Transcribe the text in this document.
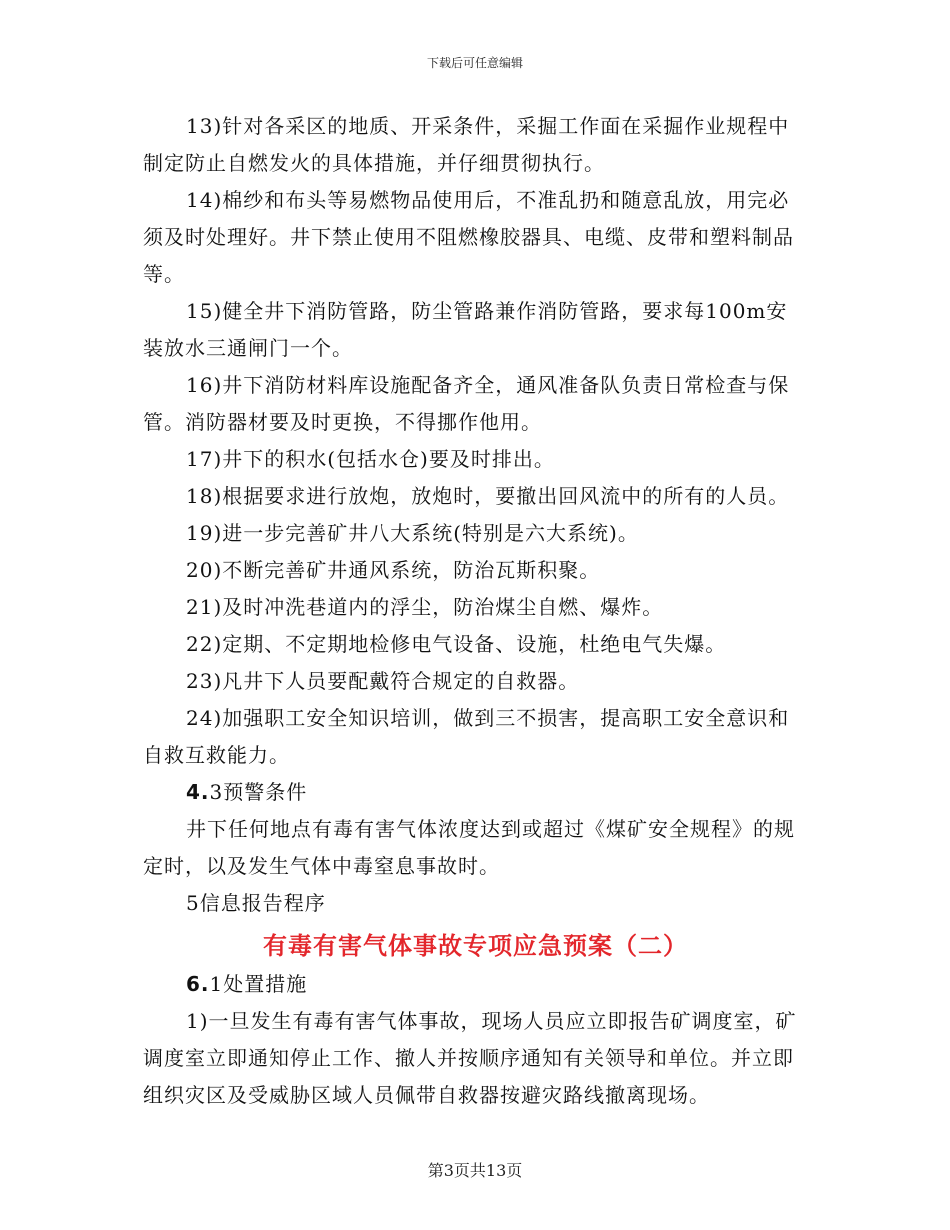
下载后可任意编辑

13)针对各采区的地质、开采条件，采掘工作面在采掘作业规程中制定防止自燃发火的具体措施，并仔细贯彻执行。

14)棉纱和布头等易燃物品使用后，不准乱扔和随意乱放，用完必须及时处理好。井下禁止使用不阻燃橡胶器具、电缆、皮带和塑料制品等。

15)健全井下消防管路，防尘管路兼作消防管路，要求每100m安装放水三通闸门一个。

16)井下消防材料库设施配备齐全，通风准备队负责日常检查与保管。消防器材要及时更换，不得挪作他用。

17)井下的积水(包括水仓)要及时排出。

18)根据要求进行放炮，放炮时，要撤出回风流中的所有的人员。

19)进一步完善矿井八大系统(特别是六大系统)。

20)不断完善矿井通风系统，防治瓦斯积聚。

21)及时冲洗巷道内的浮尘，防治煤尘自燃、爆炸。

22)定期、不定期地检修电气设备、设施，杜绝电气失爆。

23)凡井下人员要配戴符合规定的自救器。

24)加强职工安全知识培训，做到三不损害，提高职工安全意识和自救互救能力。

4.3预警条件

井下任何地点有毒有害气体浓度达到或超过《煤矿安全规程》的规定时，以及发生气体中毒窒息事故时。

5信息报告程序

有毒有害气体事故专项应急预案（二）

6.1处置措施

1)一旦发生有毒有害气体事故，现场人员应立即报告矿调度室，矿调度室立即通知停止工作、撤人并按顺序通知有关领导和单位。并立即组织灾区及受威胁区域人员佩带自救器按避灾路线撤离现场。

第3页共13页
